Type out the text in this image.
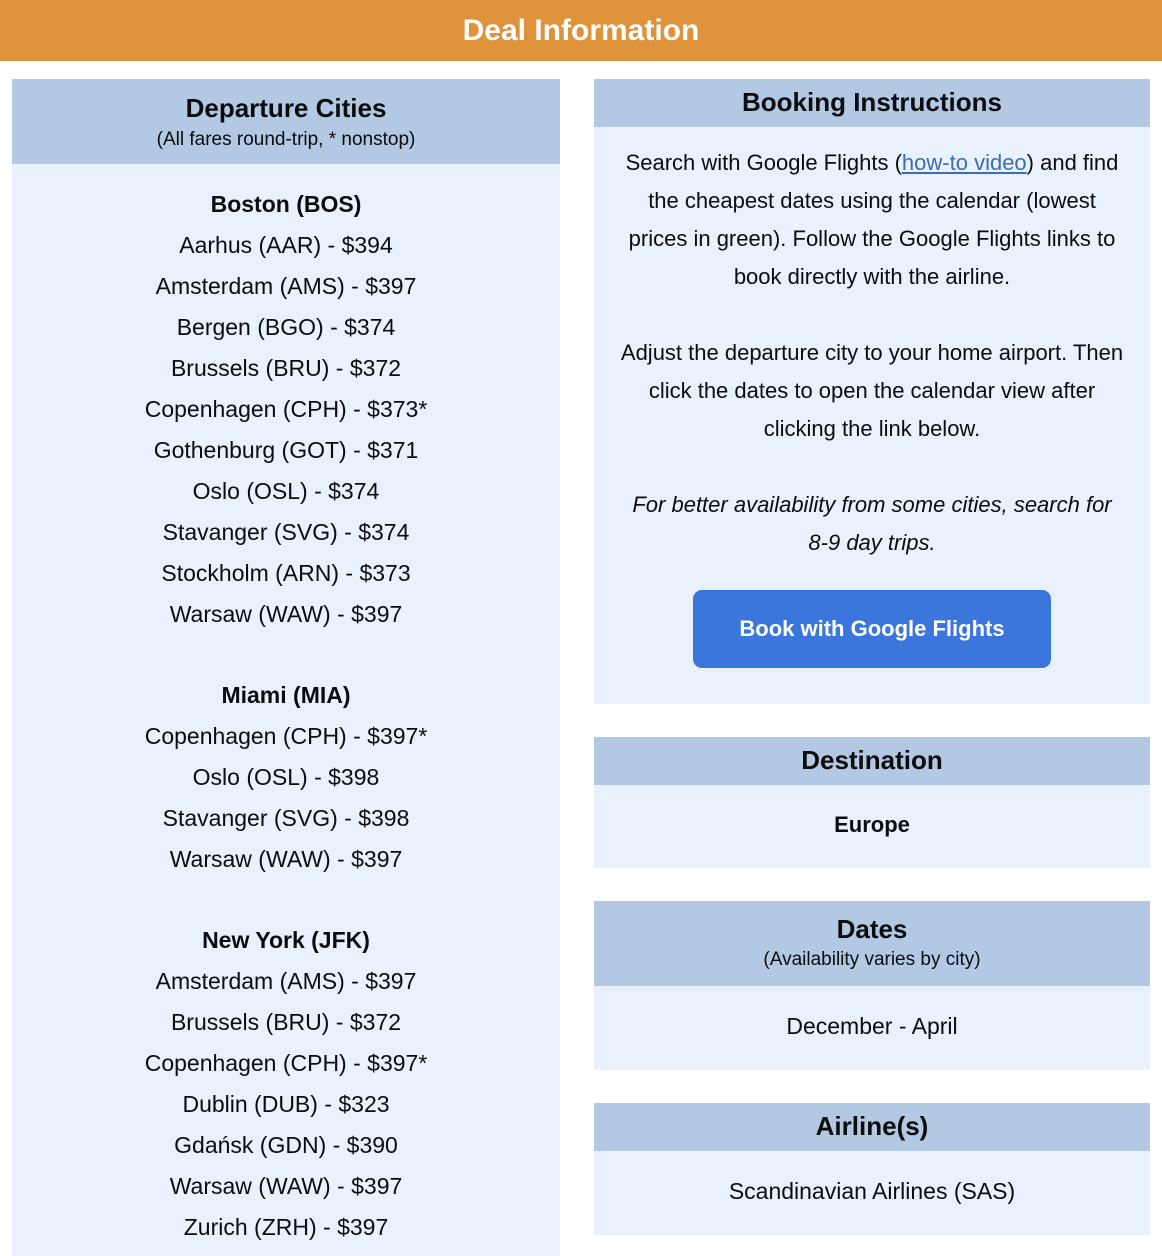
Deal Information
Departure Cities
(All fares round-trip, * nonstop)
Boston (BOS)
Aarhus (AAR) - $394
Amsterdam (AMS) - $397
Bergen (BGO) - $374
Brussels (BRU) - $372
Copenhagen (CPH) - $373*
Gothenburg (GOT) - $371
Oslo (OSL) - $374
Stavanger (SVG) - $374
Stockholm (ARN) - $373
Warsaw (WAW) - $397
Miami (MIA)
Copenhagen (CPH) - $397*
Oslo (OSL) - $398
Stavanger (SVG) - $398
Warsaw (WAW) - $397
New York (JFK)
Amsterdam (AMS) - $397
Brussels (BRU) - $372
Copenhagen (CPH) - $397*
Dublin (DUB) - $323
Gdańsk (GDN) - $390
Warsaw (WAW) - $397
Zurich (ZRH) - $397
Booking Instructions

Search with Google Flights (how-to video) and find the cheapest dates using the calendar (lowest prices in green). Follow the Google Flights links to book directly with the airline.

Adjust the departure city to your home airport. Then click the dates to open the calendar view after clicking the link below.

For better availability from some cities, search for 8-9 day trips.

Book with Google Flights
Destination
Europe
Dates
(Availability varies by city)
December - April
Airline(s)
Scandinavian Airlines (SAS)
